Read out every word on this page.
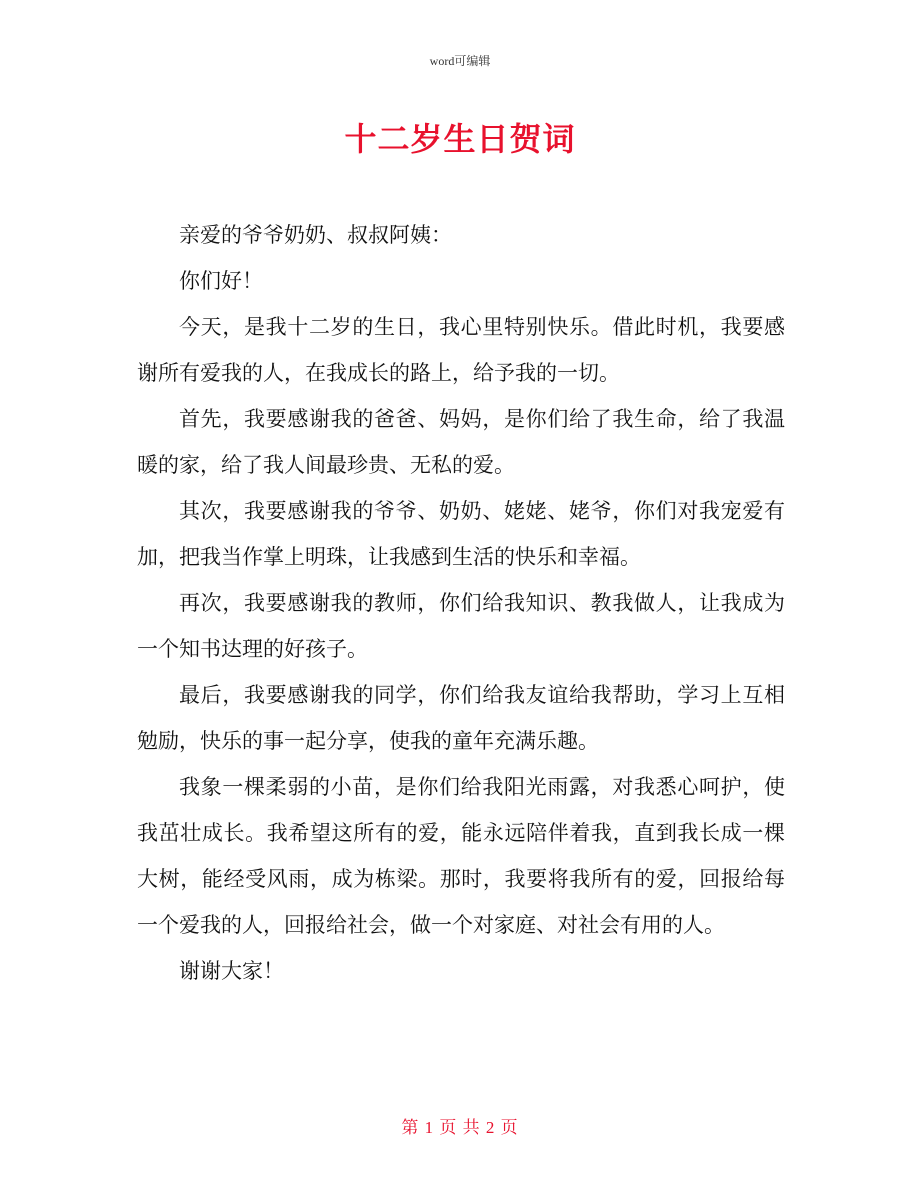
word可编辑
十二岁生日贺词

亲爱的爷爷奶奶、叔叔阿姨：

你们好！

今天，是我十二岁的生日，我心里特别快乐。借此时机，我要感谢所有爱我的人，在我成长的路上，给予我的一切。

首先，我要感谢我的爸爸、妈妈，是你们给了我生命，给了我温暖的家，给了我人间最珍贵、无私的爱。

其次，我要感谢我的爷爷、奶奶、姥姥、姥爷，你们对我宠爱有加，把我当作掌上明珠，让我感到生活的快乐和幸福。

再次，我要感谢我的教师，你们给我知识、教我做人，让我成为一个知书达理的好孩子。

最后，我要感谢我的同学，你们给我友谊给我帮助，学习上互相勉励，快乐的事一起分享，使我的童年充满乐趣。

我象一棵柔弱的小苗，是你们给我阳光雨露，对我悉心呵护，使我茁壮成长。我希望这所有的爱，能永远陪伴着我，直到我长成一棵大树，能经受风雨，成为栋梁。那时，我要将我所有的爱，回报给每一个爱我的人，回报给社会，做一个对家庭、对社会有用的人。

谢谢大家！

第 1 页 共 2 页
